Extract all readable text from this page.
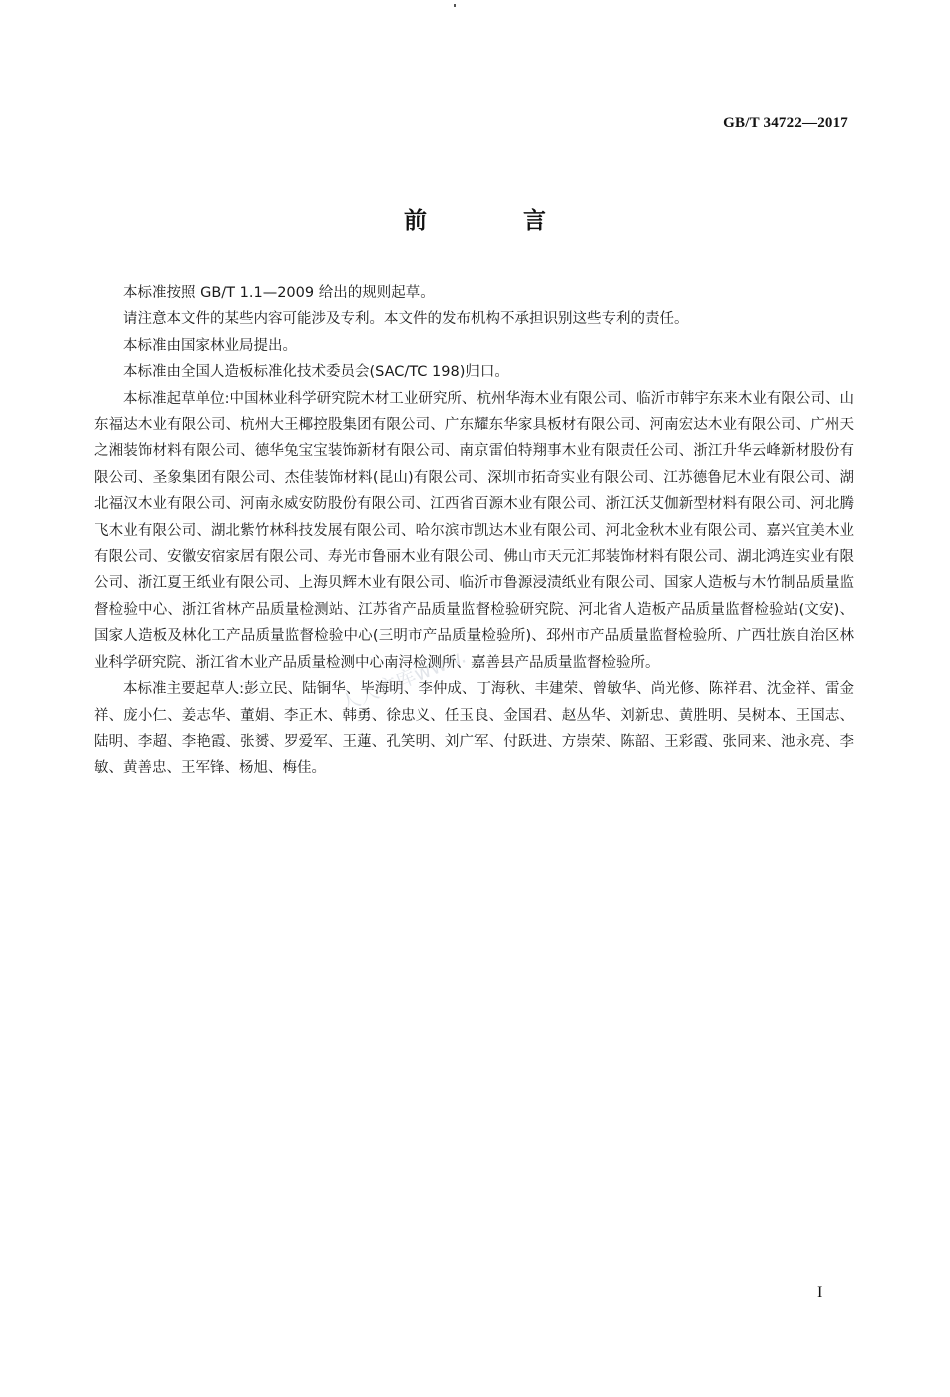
GB/T 34722—2017
前 言

本标准按照 GB/T 1.1—2009 给出的规则起草。

请注意本文件的某些内容可能涉及专利。本文件的发布机构不承担识别这些专利的责任。

本标准由国家林业局提出。

本标准由全国人造板标准化技术委员会(SAC/TC 198)归口。

本标准起草单位:中国林业科学研究院木材工业研究所、杭州华海木业有限公司、临沂市韩宇东来木业有限公司、山东福达木业有限公司、杭州大王椰控股集团有限公司、广东耀东华家具板材有限公司、河南宏达木业有限公司、广州天之湘装饰材料有限公司、德华兔宝宝装饰新材有限公司、南京雷伯特翔事木业有限责任公司、浙江升华云峰新材股份有限公司、圣象集团有限公司、杰佳装饰材料(昆山)有限公司、深圳市拓奇实业有限公司、江苏德鲁尼木业有限公司、湖北福汉木业有限公司、河南永威安防股份有限公司、江西省百源木业有限公司、浙江沃艾伽新型材料有限公司、河北腾飞木业有限公司、湖北紫竹林科技发展有限公司、哈尔滨市凯达木业有限公司、河北金秋木业有限公司、嘉兴宜美木业有限公司、安徽安宿家居有限公司、寿光市鲁丽木业有限公司、佛山市天元汇邦装饰材料有限公司、湖北鸿连实业有限公司、浙江夏王纸业有限公司、上海贝辉木业有限公司、临沂市鲁源浸渍纸业有限公司、国家人造板与木竹制品质量监督检验中心、浙江省林产品质量检测站、江苏省产品质量监督检验研究院、河北省人造板产品质量监督检验站(文安)、国家人造板及林化工产品质量监督检验中心(三明市产品质量检验所)、邳州市产品质量监督检验所、广西壮族自治区林业科学研究院、浙江省木业产品质量检测中心南浔检测所、嘉善县产品质量监督检验所。

本标准主要起草人:彭立民、陆铜华、毕海明、李仲成、丁海秋、丰建荣、曾敏华、尚光修、陈祥君、沈金祥、雷金祥、庞小仁、姜志华、董娟、李正木、韩勇、徐忠义、任玉良、金国君、赵丛华、刘新忠、黄胜明、吴树本、王国志、陆明、李超、李艳霞、张赟、罗爱军、王蓮、孔笑明、刘广军、付跃进、方崇荣、陈韶、王彩霞、张同来、池永亮、李敏、黄善忠、王军锋、杨旭、梅佳。

人人文库www.
I
